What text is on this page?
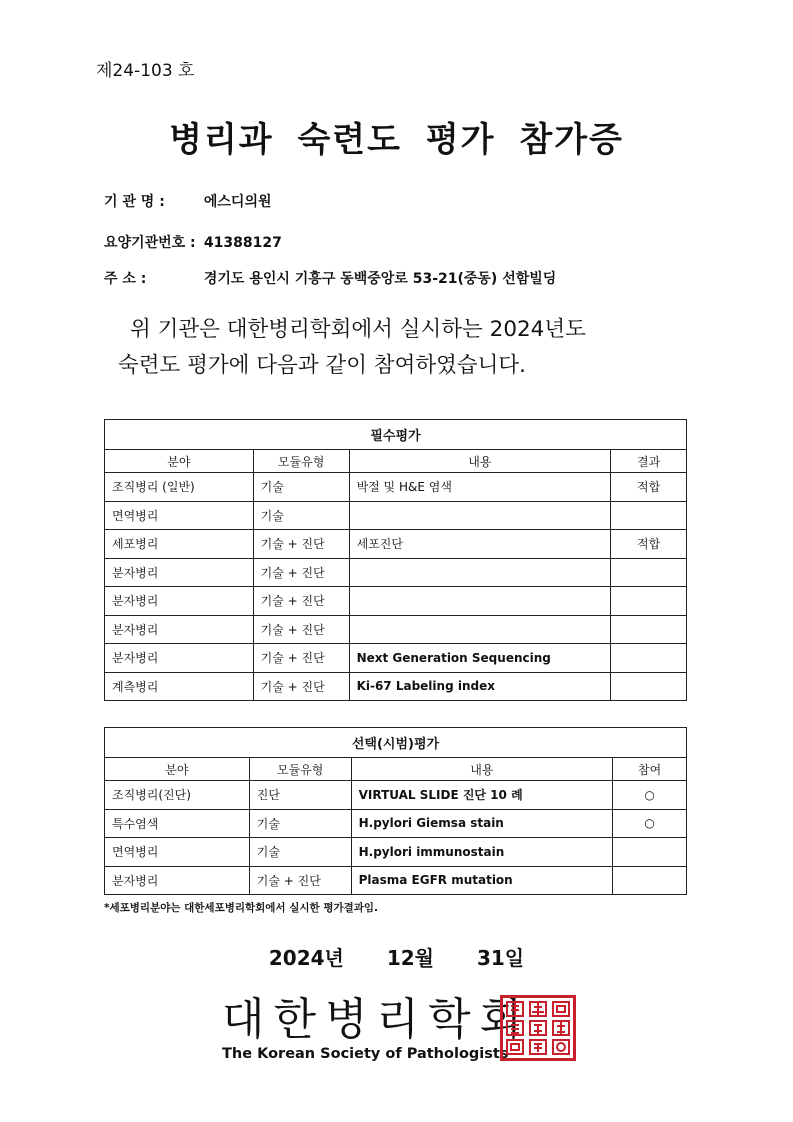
제24-103 호
병리과 숙련도 평가 참가증
기 관 명 :	에스디의원
요양기관번호 : 41388127
주 소 :	경기도 용인시 기흥구 동백중앙로 53-21(중동) 선함빌딩

위 기관은 대한병리학회에서 실시하는 2024년도

숙련도 평가에 다음과 같이 참여하였습니다.

필수평가			
분야	모듈유형	내용	결과
조직병리 (일반)	기술	박절 및 H&E 염색	적합
면역병리	기술		
세포병리	기술 + 진단	세포진단	적합
분자병리	기술 + 진단		
분자병리	기술 + 진단		
분자병리	기술 + 진단		
분자병리	기술 + 진단	Next Generation Sequencing	
계측병리	기술 + 진단	Ki-67 Labeling index	
선택(시범)평가			
분야	모듈유형	내용	참여
조직병리(진단)	진단	VIRTUAL SLIDE 진단 10 례	○
특수염색	기술	H.pylori Giemsa stain	○
면역병리	기술	H.pylori immunostain	
분자병리	기술 + 진단	Plasma EGFR mutation	
*세포병리분야는 대한세포병리학회에서 실시한 평가결과임.
2024년 12월 31일
대한병리학회
The Korean Society of Pathologists
